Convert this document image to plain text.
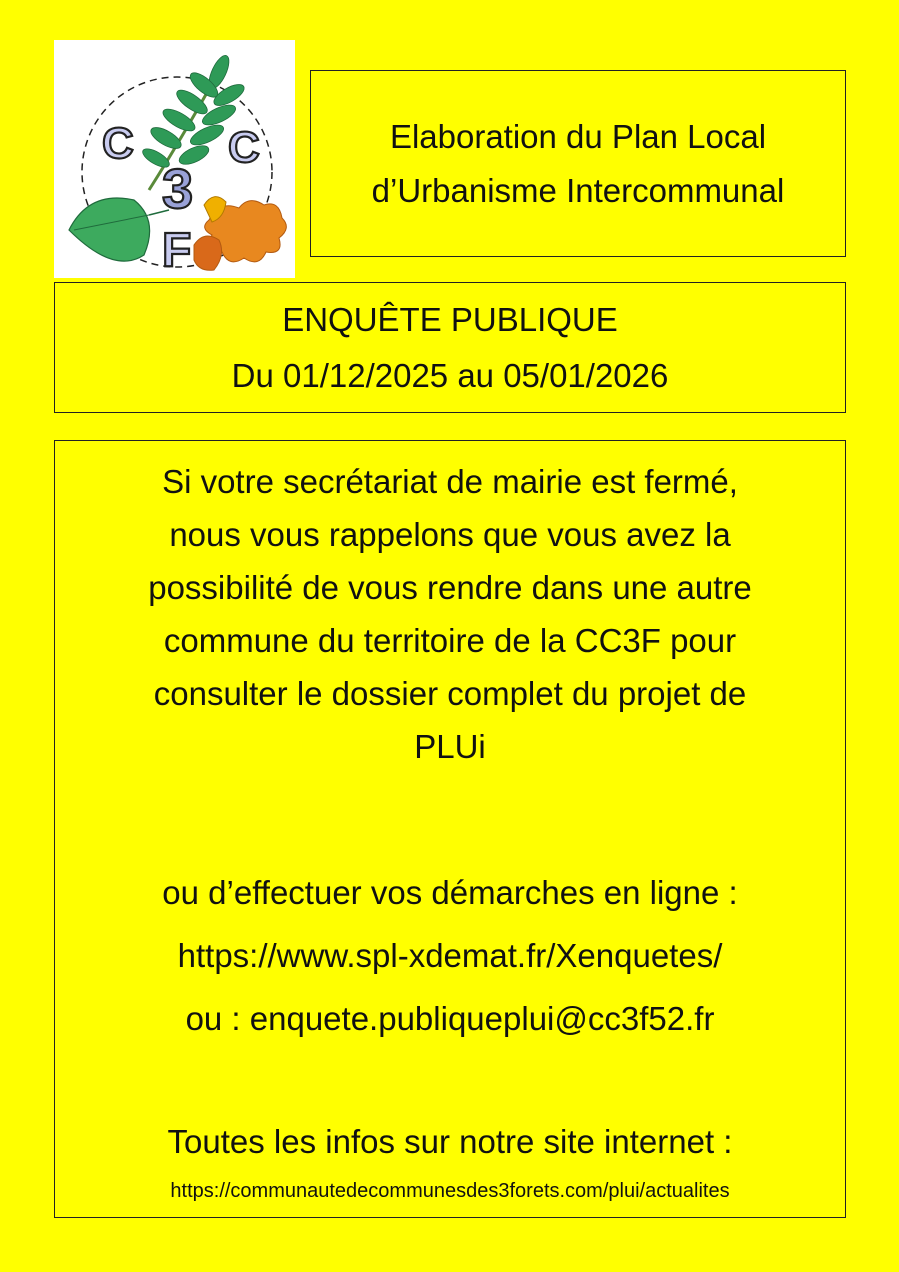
C C
3
F
Elaboration du Plan Local
d’Urbanisme Intercommunal
ENQUÊTE PUBLIQUE
Du 01/12/2025 au 05/01/2026
Si votre secrétariat de mairie est fermé,
nous vous rappelons que vous avez la
possibilité de vous rendre dans une autre
commune du territoire de la CC3F pour
consulter le dossier complet du projet de
PLUi
ou d’effectuer vos démarches en ligne :
https://www.spl-xdemat.fr/Xenquetes/
ou : enquete.publiqueplui@cc3f52.fr
Toutes les infos sur notre site internet :
https://communautedecommunesdes3forets.com/plui/actualites
